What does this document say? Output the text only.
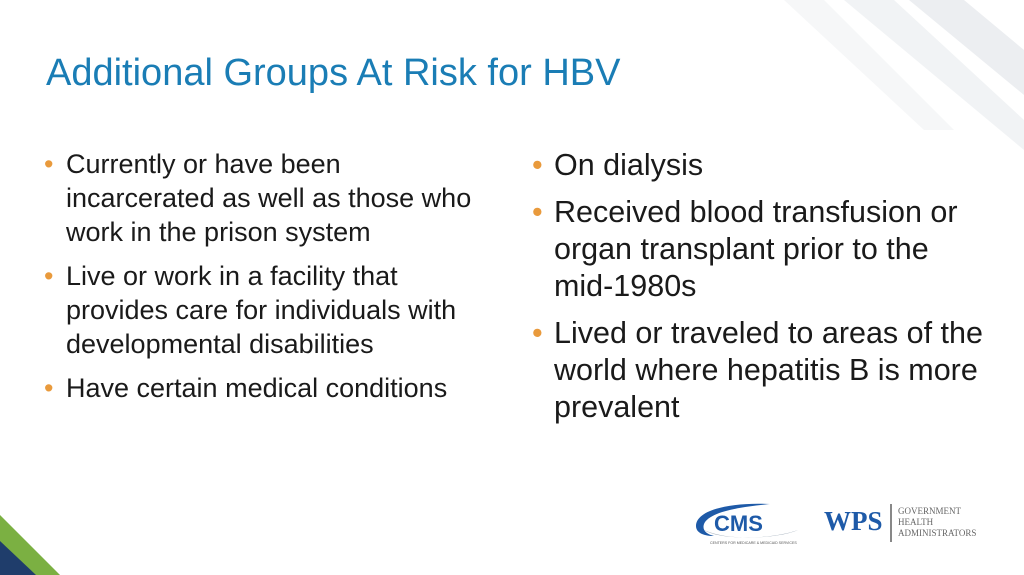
Additional Groups At Risk for HBV
• Currently or have been incarcerated as well as those who work in the prison system
• Live or work in a facility that provides care for individuals with developmental disabilities
• Have certain medical conditions
• On dialysis
• Received blood transfusion or organ transplant prior to the mid-1980s
• Lived or traveled to areas of the world where hepatitis B is more prevalent
CMS
CENTERS FOR MEDICARE & MEDICAID SERVICES
WPS GOVERNMENT
HEALTH
ADMINISTRATORS
